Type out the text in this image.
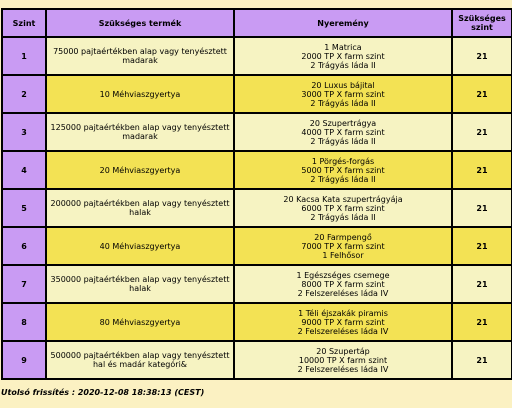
Szint	Szükséges termék	Nyeremény	Szükséges szint
1	75000 pajtaértékben alap vagy tenyésztett madarak	1 Matrica
2000 TP X farm szint
2 Trágyás láda II	21
2	10 Méhviaszgyertya	20 Luxus bájital
3000 TP X farm szint
2 Trágyás láda II	21
3	125000 pajtaértékben alap vagy tenyésztett madarak	20 Szupertrágya
4000 TP X farm szint
2 Trágyás láda II	21
4	20 Méhviaszgyertya	1 Pörgés-forgás
5000 TP X farm szint
2 Trágyás láda II	21
5	200000 pajtaértékben alap vagy tenyésztett halak	20 Kacsa Kata szupertrágyája
6000 TP X farm szint
2 Trágyás láda II	21
6	40 Méhviaszgyertya	20 Farmpengő
7000 TP X farm szint
1 Felhősor	21
7	350000 pajtaértékben alap vagy tenyésztett halak	1 Egészséges csemege
8000 TP X farm szint
2 Felszereléses láda IV	21
8	80 Méhviaszgyertya	1 Téli éjszakák piramis
9000 TP X farm szint
2 Felszereléses láda IV	21
9	500000 pajtaértékben alap vagy tenyésztett hal és madár kategóri&	20 Szupertáp
10000 TP X farm szint
2 Felszereléses láda IV	21
Utolsó frissítés : 2020-12-08 18:38:13 (CEST)
